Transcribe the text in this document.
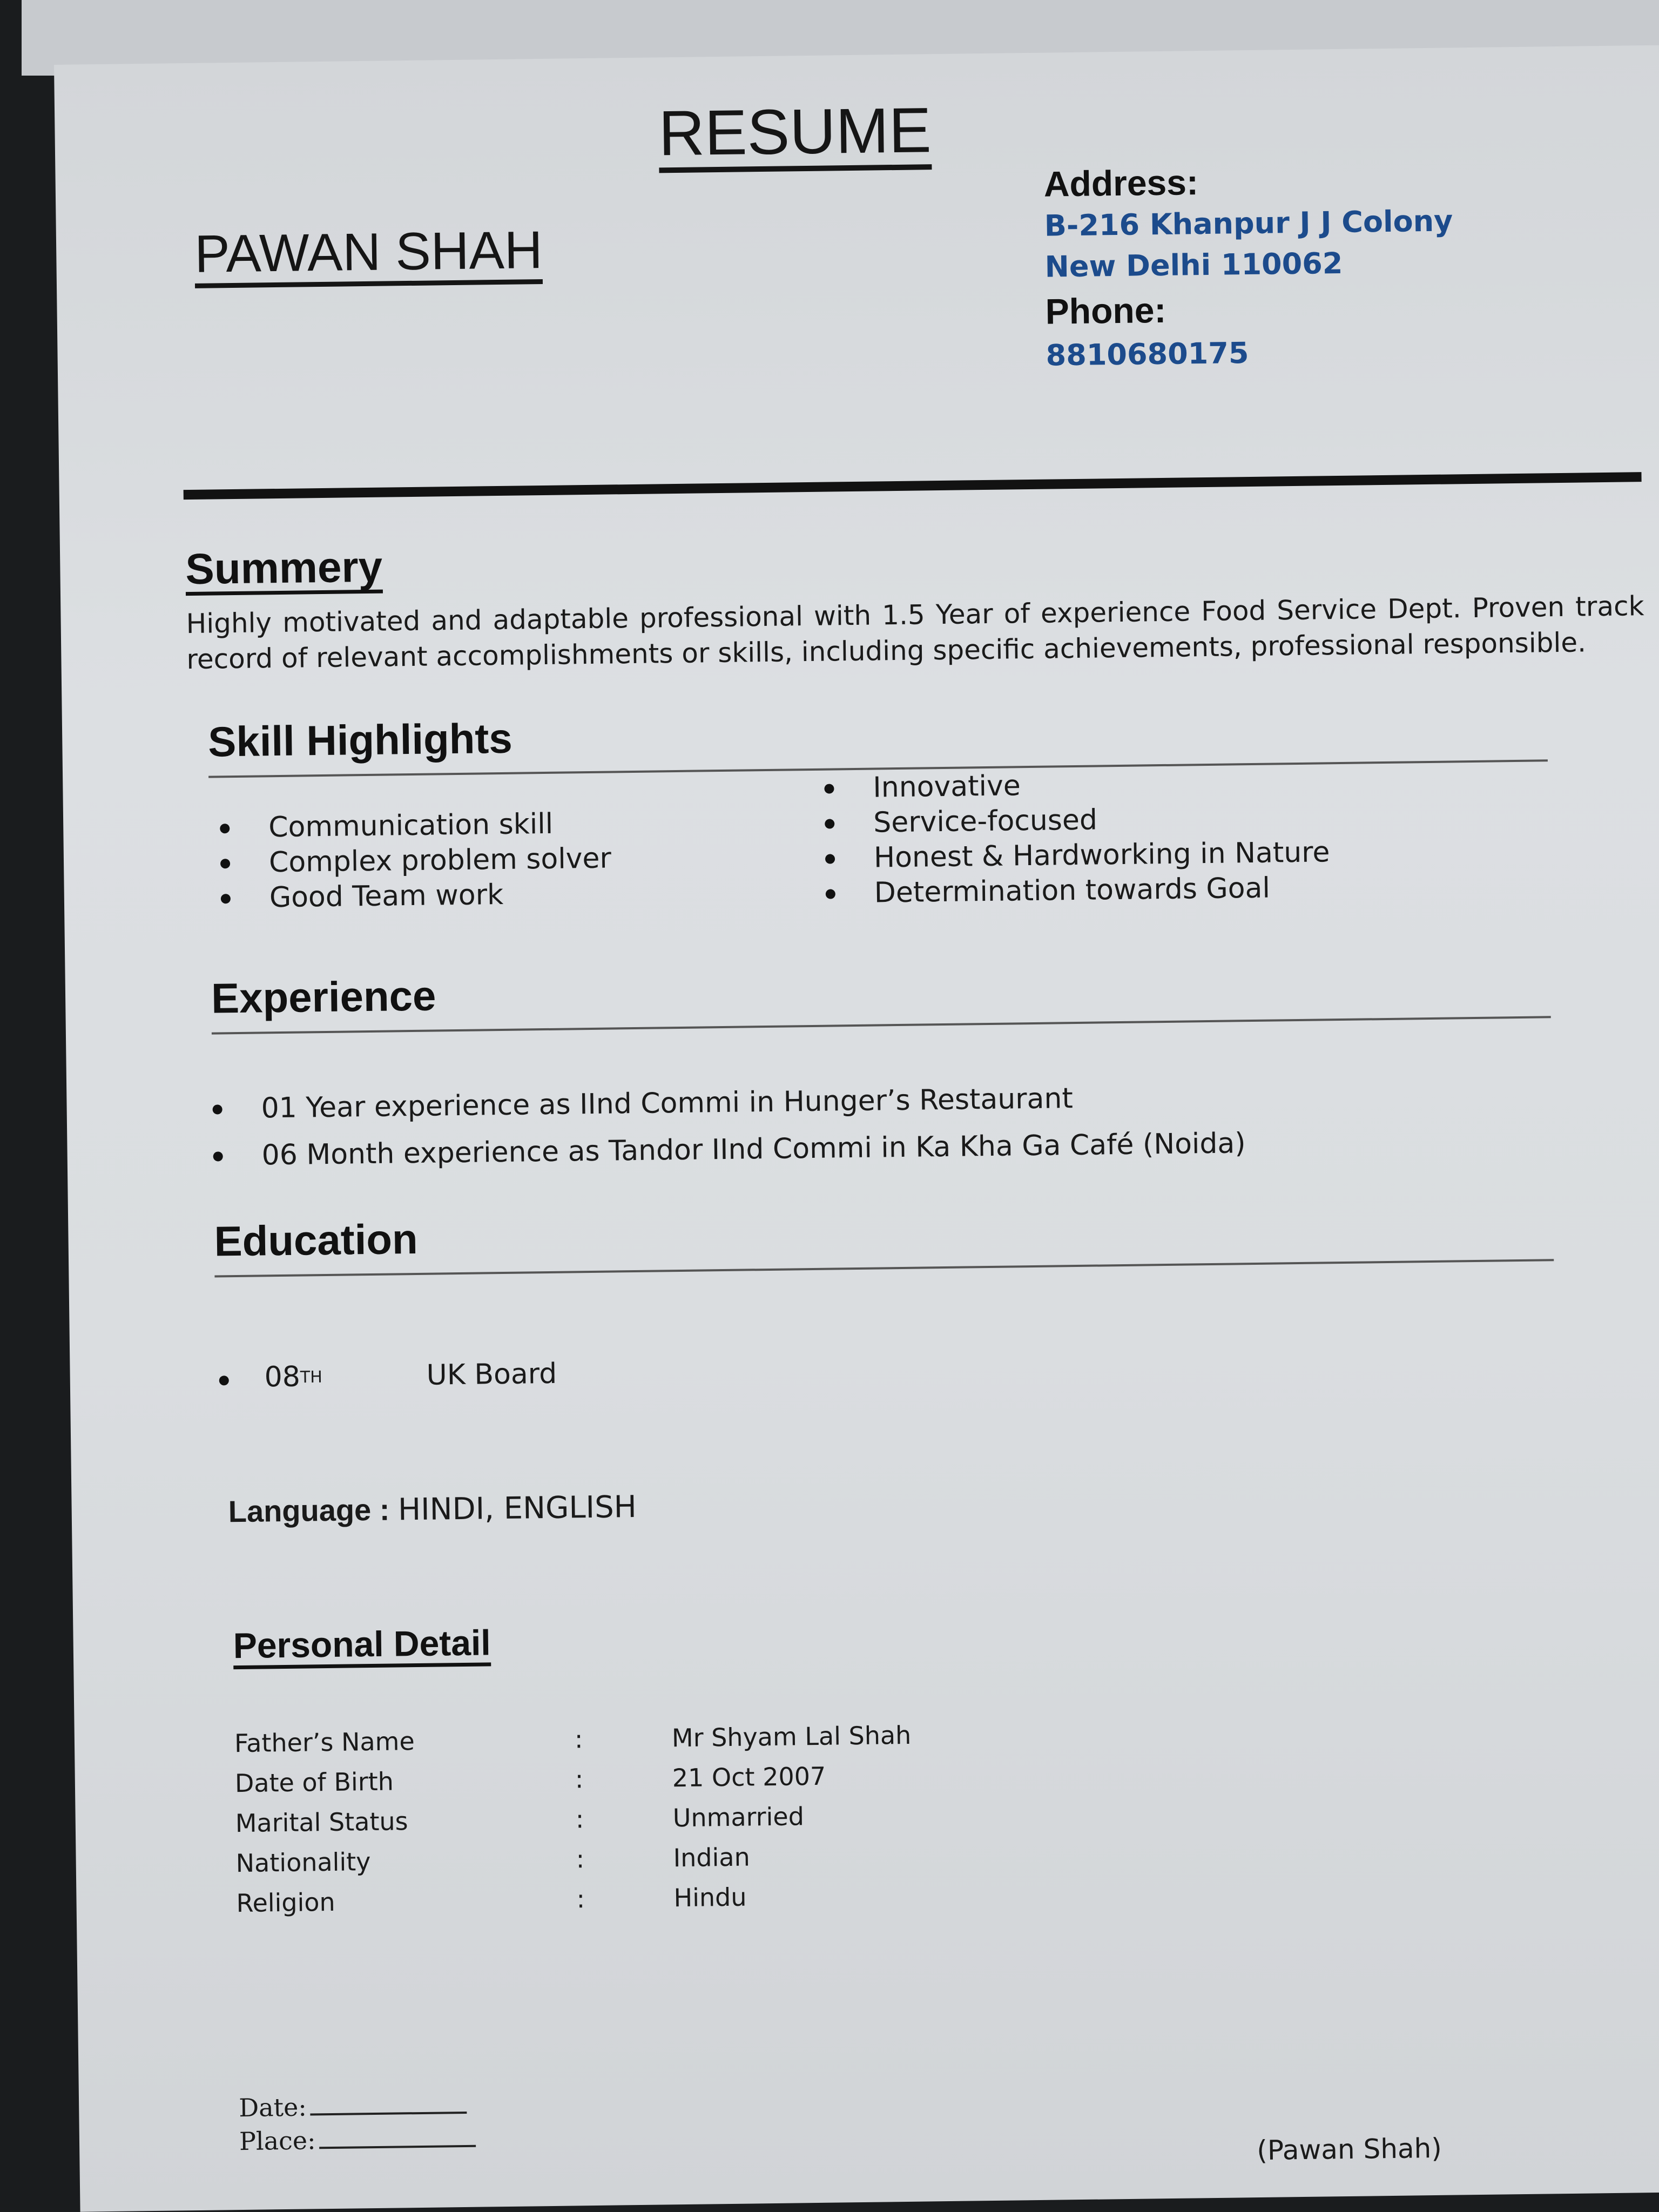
RESUME
PAWAN SHAH
Address:
B-216 Khanpur J J Colony
New Delhi 110062
Phone:
8810680175
Summery
Highly motivated and adaptable professional with 1.5 Year of experience Food Service Dept. Proven track record of relevant accomplishments or skills, including specific achievements, professional responsible.
Skill Highlights
Communication skill
Complex problem solver
Good Team work
Innovative
Service-focused
Honest & Hardworking in Nature
Determination towards Goal
Experience
01 Year experience as IInd Commi in Hunger’s Restaurant
06 Month experience as Tandor IInd Commi in Ka Kha Ga Café (Noida)
Education
08TH	UK Board
Language : HINDI, ENGLISH
Personal Detail
Father’s Name	:	Mr Shyam Lal Shah
Date of Birth	:	21 Oct 2007
Marital Status	:	Unmarried
Nationality	:	Indian
Religion	:	Hindu
Date:
Place:	(Pawan Shah)
